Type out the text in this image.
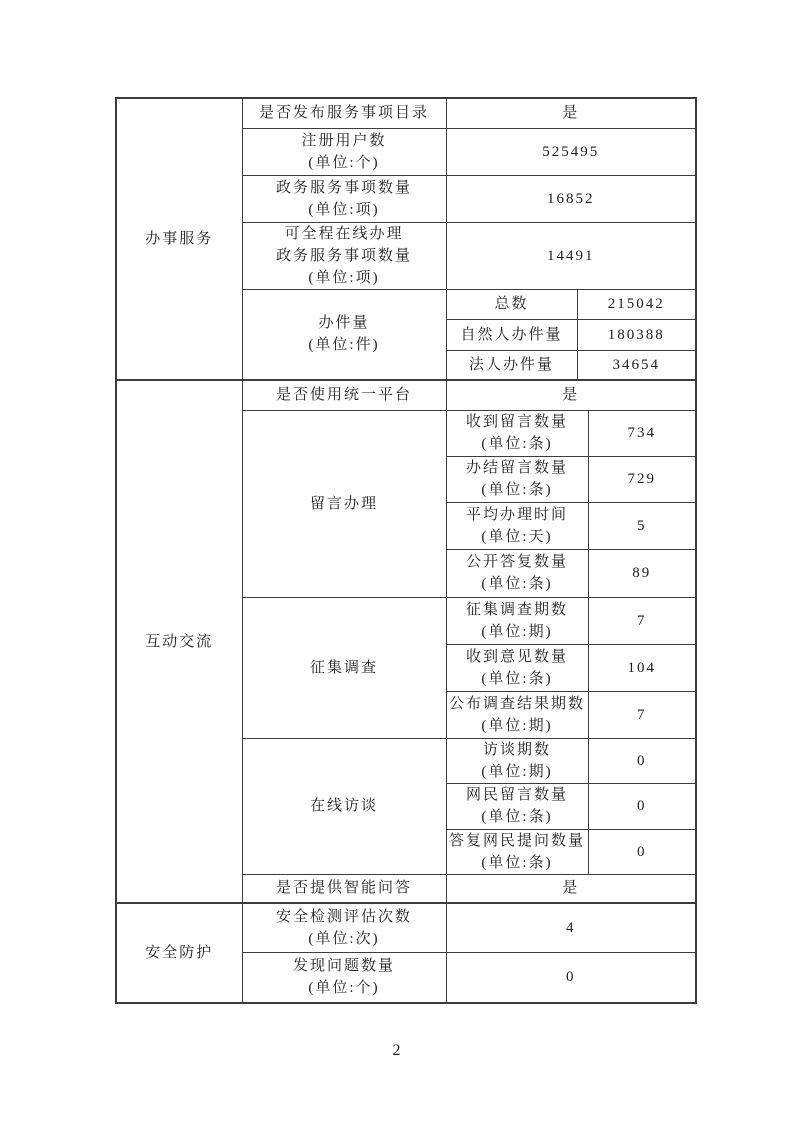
办事服务	是否发布服务事项目录	是		

	注册用户数
(单位:个)	525495		

	政务服务事项数量
(单位:项)	16852		

	可全程在线办理
政务服务事项数量
(单位:项)	14491		

	办件量
(单位:件)	总数	215042	

		自然人办件量	180388	

		法人办件量	34654	

互动交流	是否使用统一平台	是		

	留言办理	收到留言数量
(单位:条)		734

		办结留言数量
(单位:条)		729

		平均办理时间
(单位:天)		5

		公开答复数量
(单位:条)		89

	征集调查	征集调查期数
(单位:期)		7

		收到意见数量
(单位:条)		104

		公布调查结果期数
(单位:期)		7

	在线访谈	访谈期数
(单位:期)		0

		网民留言数量
(单位:条)		0

		答复网民提问数量
(单位:条)		0

	是否提供智能问答	是		

安全防护	安全检测评估次数
(单位:次)	4		

	发现问题数量
(单位:个)	0		
2
